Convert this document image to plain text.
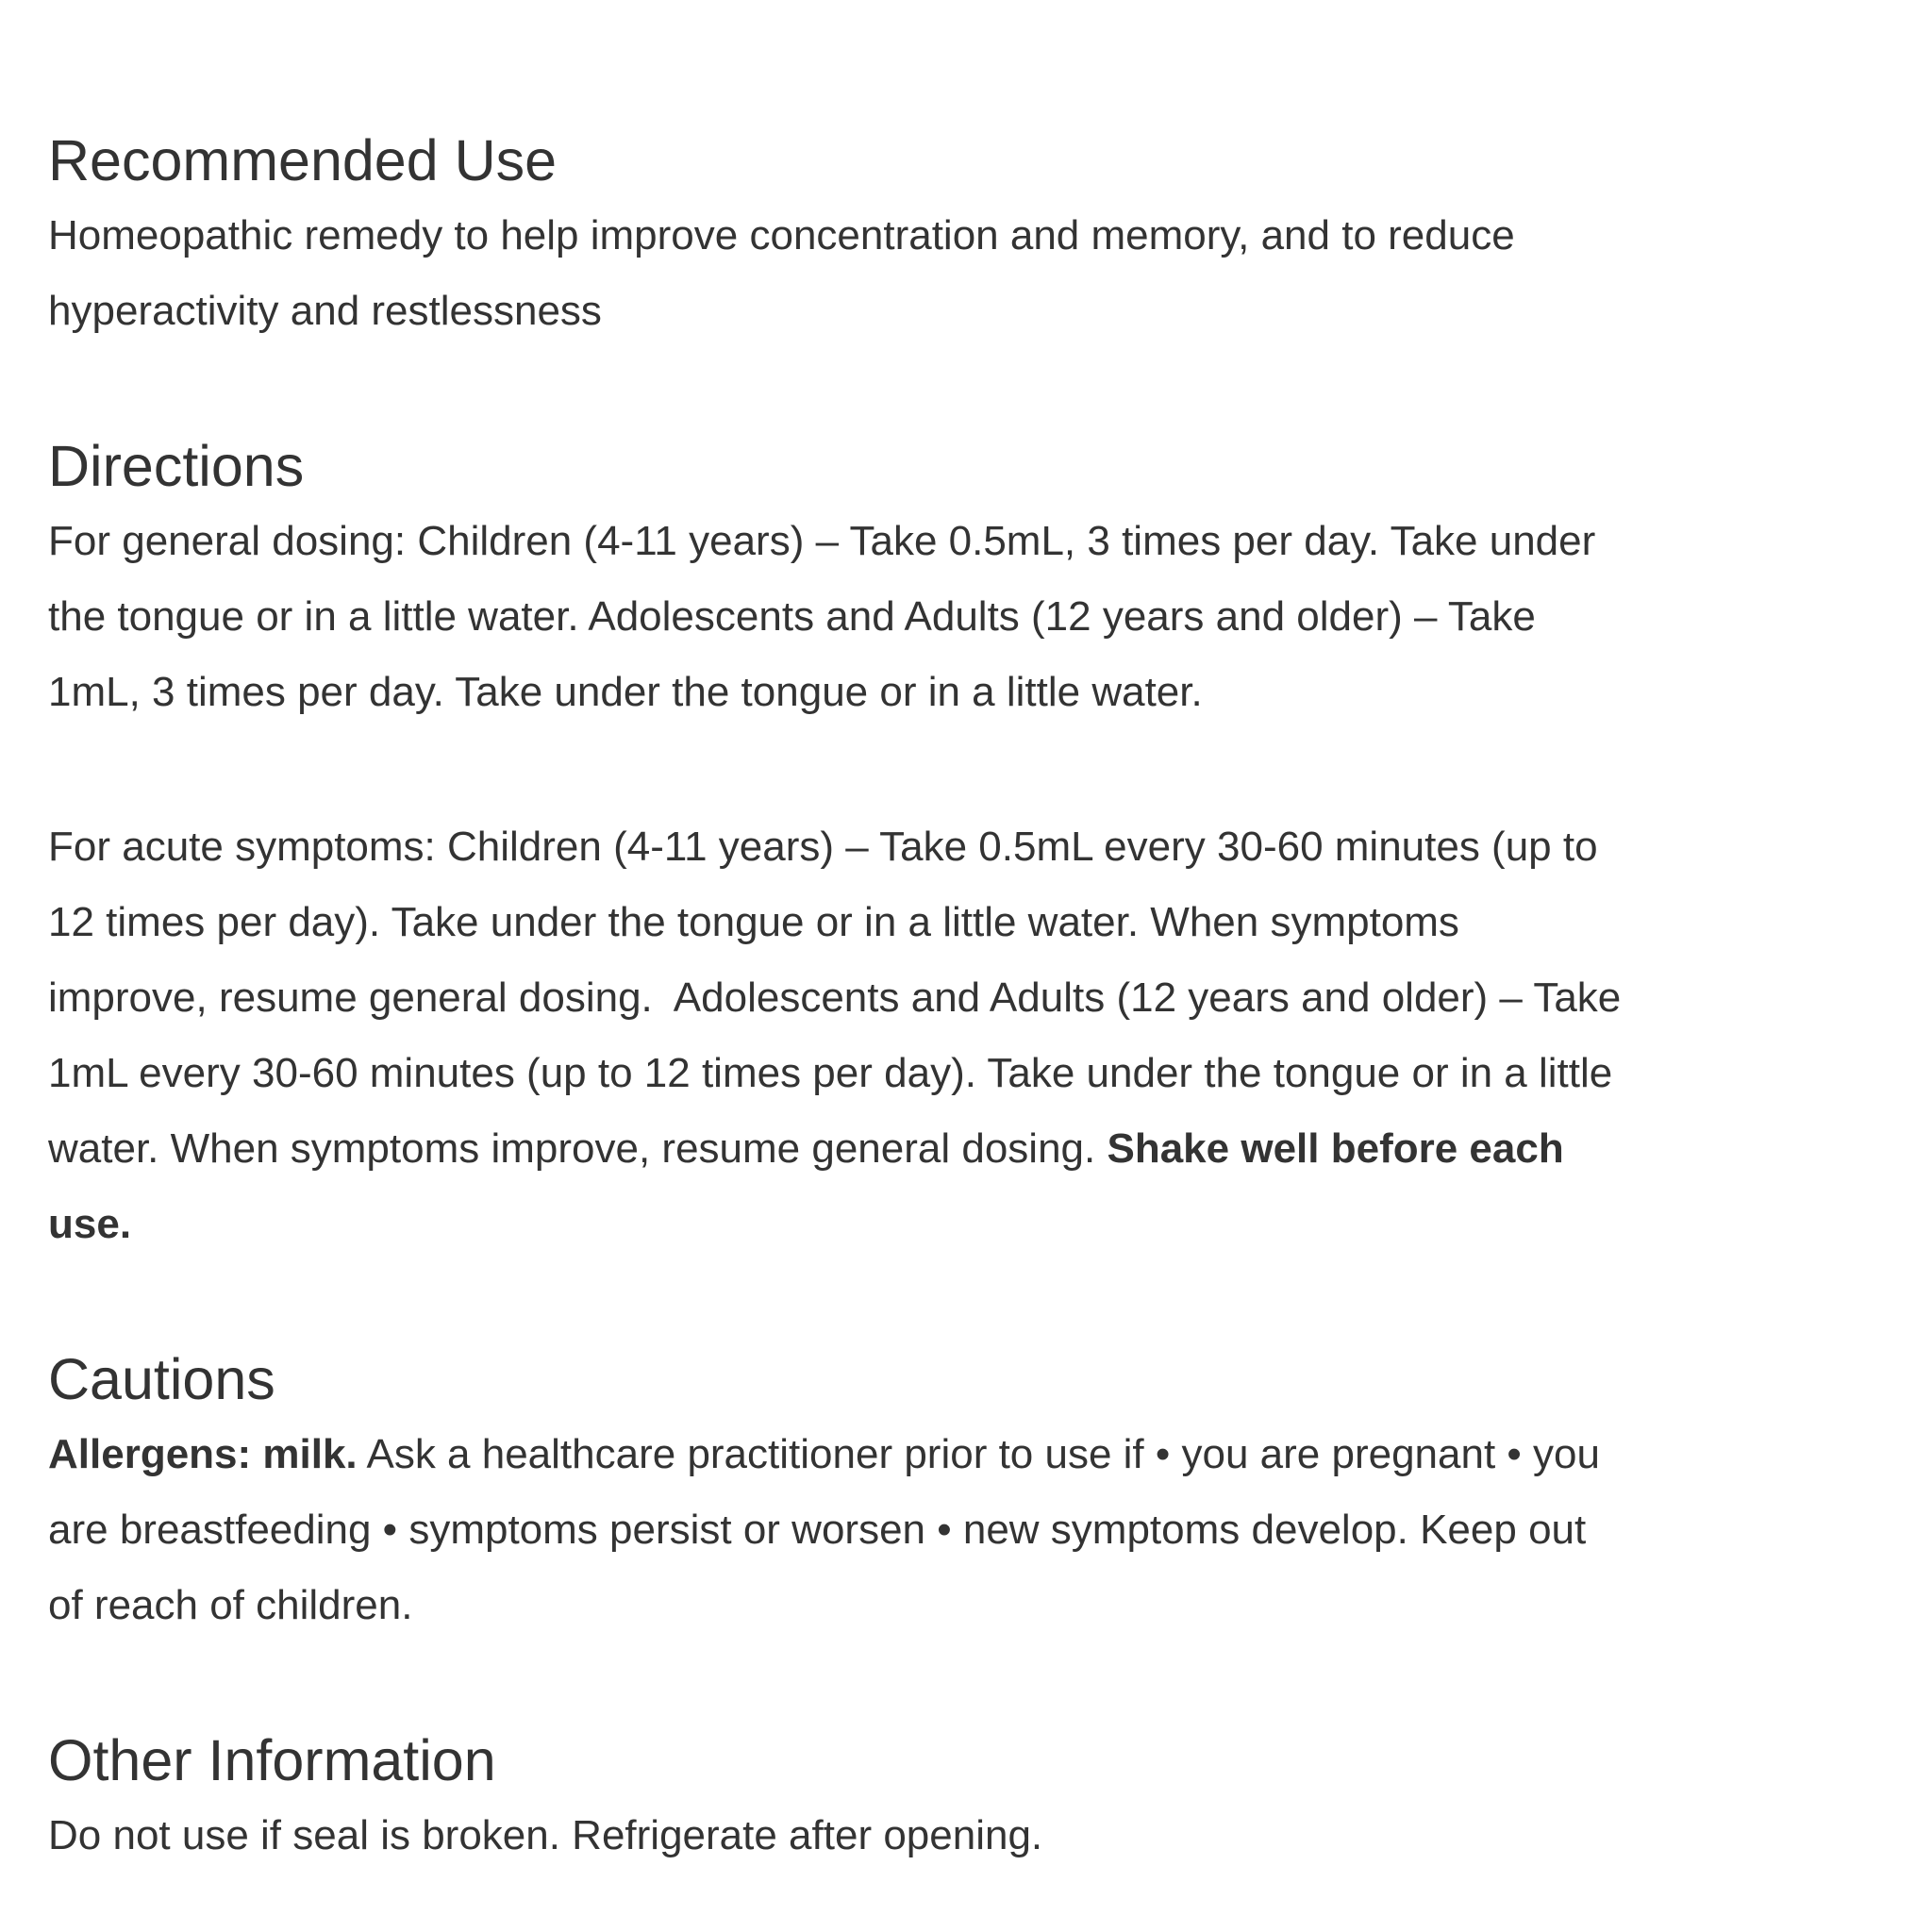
Recommended Use

Homeopathic remedy to help improve concentration and memory, and to reduce
hyperactivity and restlessness

Directions

For general dosing: Children (4-11 years) – Take 0.5mL, 3 times per day. Take under
the tongue or in a little water. Adolescents and Adults (12 years and older) – Take
1mL, 3 times per day. Take under the tongue or in a little water.

For acute symptoms: Children (4-11 years) – Take 0.5mL every 30-60 minutes (up to
12 times per day). Take under the tongue or in a little water. When symptoms
improve, resume general dosing.  Adolescents and Adults (12 years and older) – Take
1mL every 30-60 minutes (up to 12 times per day). Take under the tongue or in a little
water. When symptoms improve, resume general dosing. Shake well before each
use.

Cautions

Allergens: milk. Ask a healthcare practitioner prior to use if • you are pregnant • you
are breastfeeding • symptoms persist or worsen • new symptoms develop. Keep out
of reach of children.

Other Information

Do not use if seal is broken. Refrigerate after opening.
